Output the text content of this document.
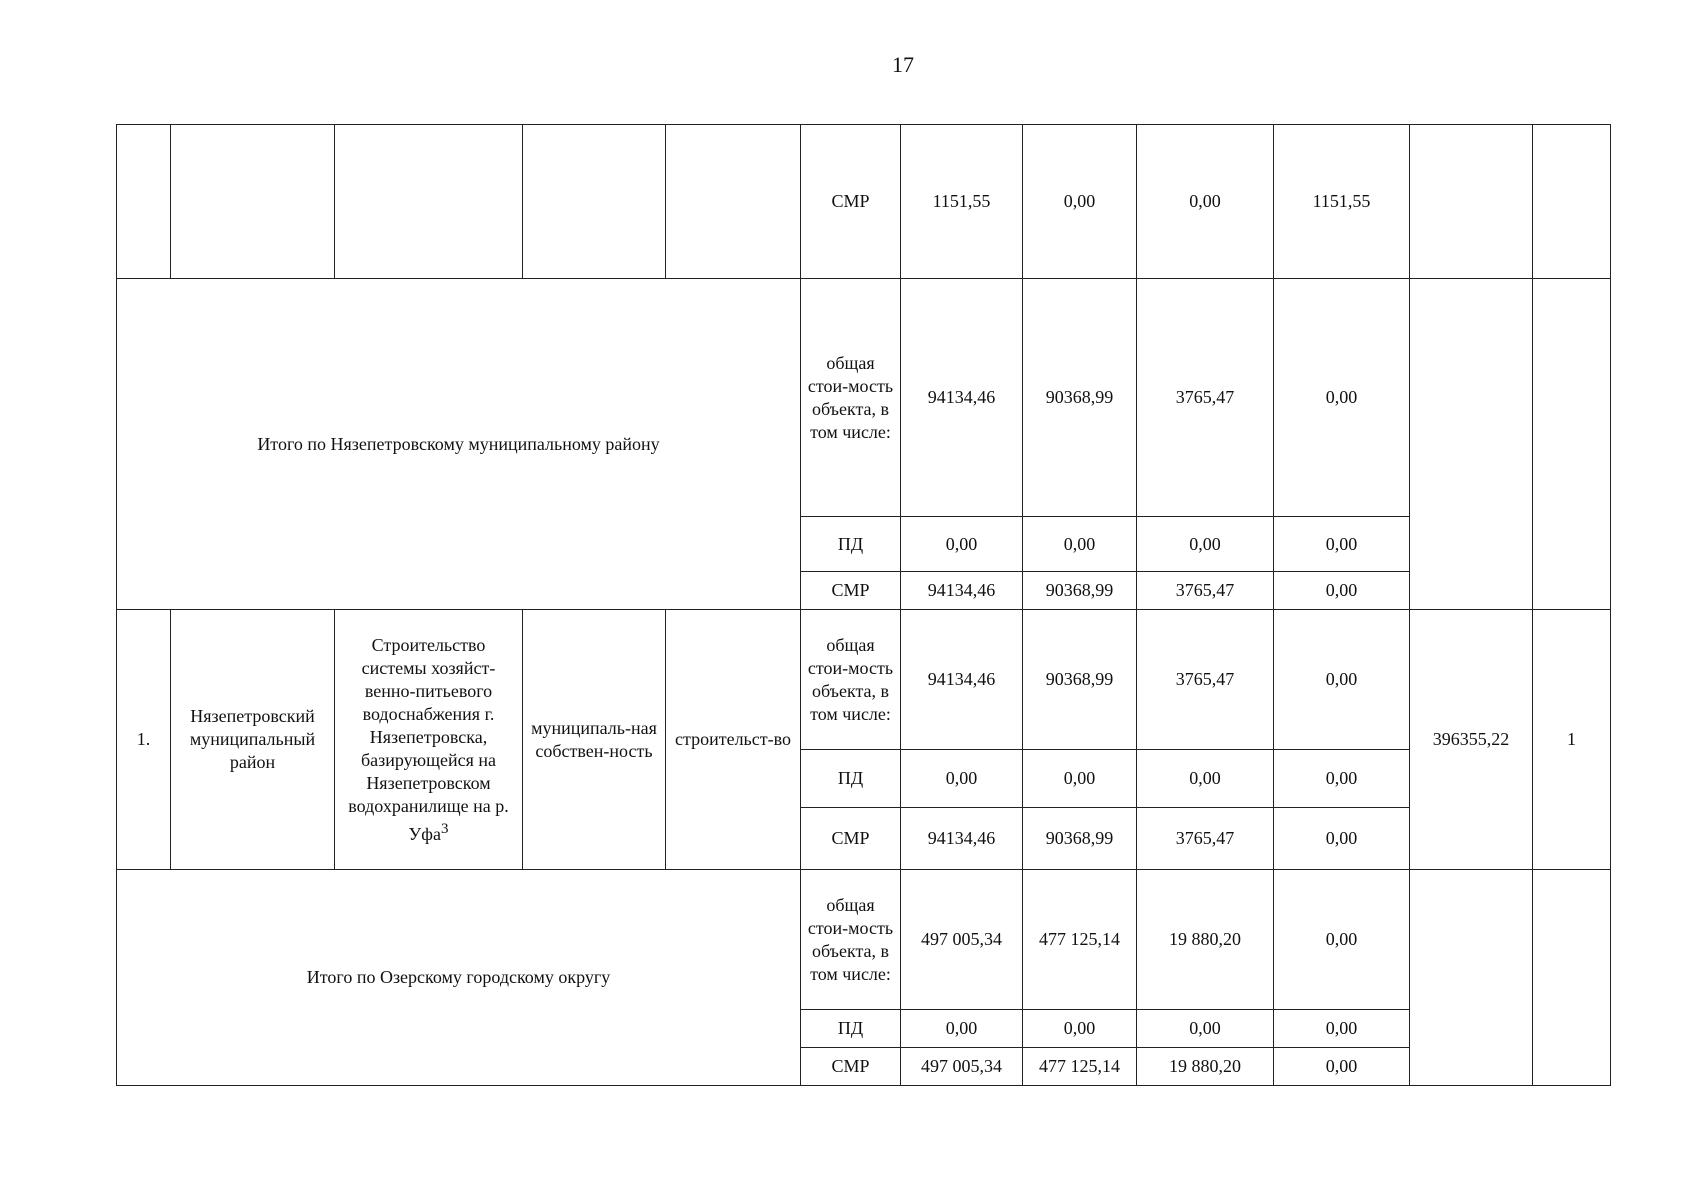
17
					СМР	1151,55	0,00	0,00	1151,55		
Итого по Нязепетровскому муниципальному району					общая стои-мость объекта, в том числе:	94134,46	90368,99	3765,47	0,00		
					ПД	0,00	0,00	0,00	0,00		
					СМР	94134,46	90368,99	3765,47	0,00		
1.	Нязепетровский муниципальный район	Строительство системы хозяйст-венно-питьевого водоснабжения г. Нязепетровска, базирующейся на Нязепетровском водохранилище на р. Уфа$^3$	муниципаль-ная собствен-ность	строительст-во	общая стои-мость объекта, в том числе:	94134,46	90368,99	3765,47	0,00	396355,22	1
					ПД	0,00	0,00	0,00	0,00		
					СМР	94134,46	90368,99	3765,47	0,00		
Итого по Озерскому городскому округу					общая стои-мость объекта, в том числе:	497 005,34	477 125,14	19 880,20	0,00		
					ПД	0,00	0,00	0,00	0,00		
					СМР	497 005,34	477 125,14	19 880,20	0,00		
